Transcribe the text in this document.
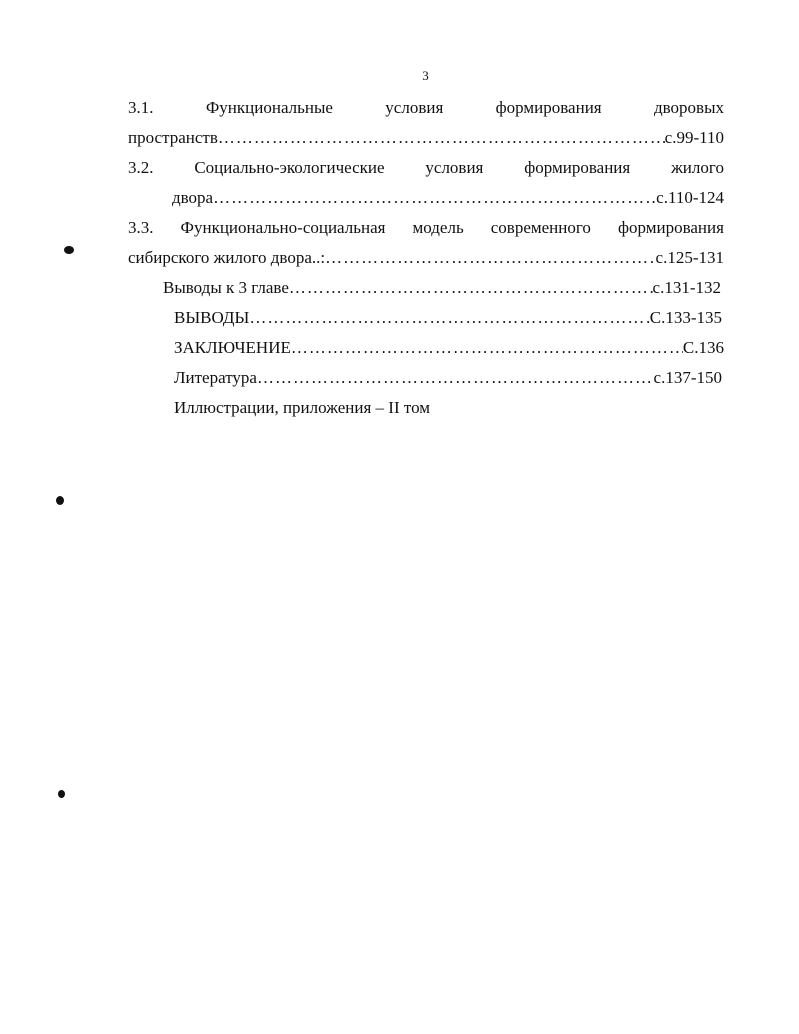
3
3.1.	Функциональные	условия	формирования	дворовых
пространств ……………………………………………………………………………………………………………………………………………………	с.99-110
3.2. Социально-экологические условия формирования жилого
двора ……………………………………………………………………………………………………………………………………………………	с.110-124
3.3. Функционально-социальная модель современного формирования
сибирского жилого двора..: ……………………………………………………………………………………………………………………………………………………	с.125-131
Выводы к 3 главе ……………………………………………………………………………………………………………………………………………………	с.131-132
ВЫВОДЫ ……………………………………………………………………………………………………………………………………………………	С.133-135
ЗАКЛЮЧЕНИЕ ……………………………………………………………………………………………………………………………………………………	С.136
Литература ……………………………………………………………………………………………………………………………………………………	с.137-150
Иллюстрации, приложения – II том
